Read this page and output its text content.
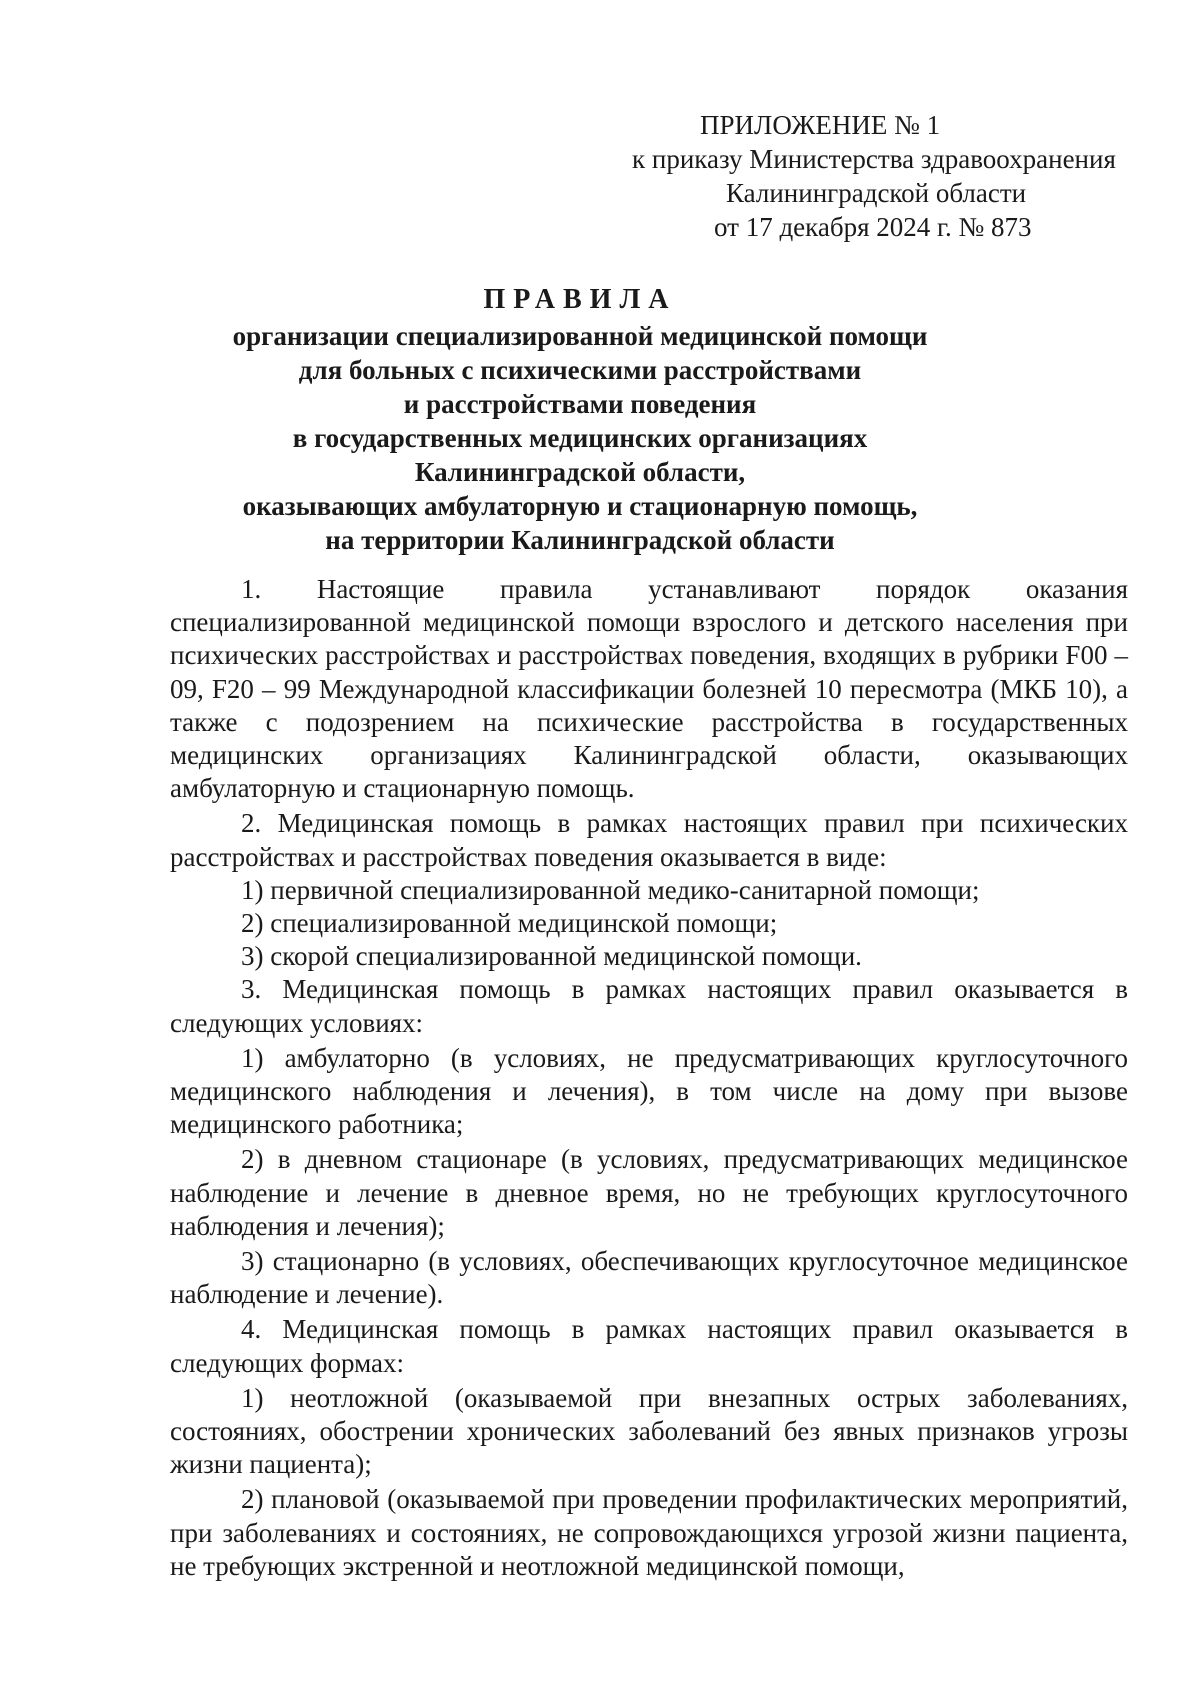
ПРИЛОЖЕНИЕ № 1
к приказу Министерства здравоохранения
Калининградской области
от 17 декабря 2024 г. № 873
ПРАВИЛА
организации специализированной медицинской помощи
для больных с психическими расстройствами
и расстройствами поведения
в государственных медицинских организациях
Калининградской области,
оказывающих амбулаторную и стационарную помощь,
на территории Калининградской области

1. Настоящие правила устанавливают порядок оказания специализированной медицинской помощи взрослого и детского населения при психических расстройствах и расстройствах поведения, входящих в рубрики F00 – 09, F20 – 99 Международной классификации болезней 10 пересмотра (МКБ 10), а также с подозрением на психические расстройства в государственных медицинских организациях Калининградской области, оказывающих амбулаторную и стационарную помощь.

2. Медицинская помощь в рамках настоящих правил при психических расстройствах и расстройствах поведения оказывается в виде:

1) первичной специализированной медико-санитарной помощи;

2) специализированной медицинской помощи;

3) скорой специализированной медицинской помощи.

3. Медицинская помощь в рамках настоящих правил оказывается в следующих условиях:

1) амбулаторно (в условиях, не предусматривающих круглосуточного медицинского наблюдения и лечения), в том числе на дому при вызове медицинского работника;

2) в дневном стационаре (в условиях, предусматривающих медицинское наблюдение и лечение в дневное время, но не требующих круглосуточного наблюдения и лечения);

3) стационарно (в условиях, обеспечивающих круглосуточное медицинское наблюдение и лечение).

4. Медицинская помощь в рамках настоящих правил оказывается в следующих формах:

1) неотложной (оказываемой при внезапных острых заболеваниях, состояниях, обострении хронических заболеваний без явных признаков угрозы жизни пациента);

2) плановой (оказываемой при проведении профилактических мероприятий, при заболеваниях и состояниях, не сопровождающихся угрозой жизни пациента, не требующих экстренной и неотложной медицинской помощи,
